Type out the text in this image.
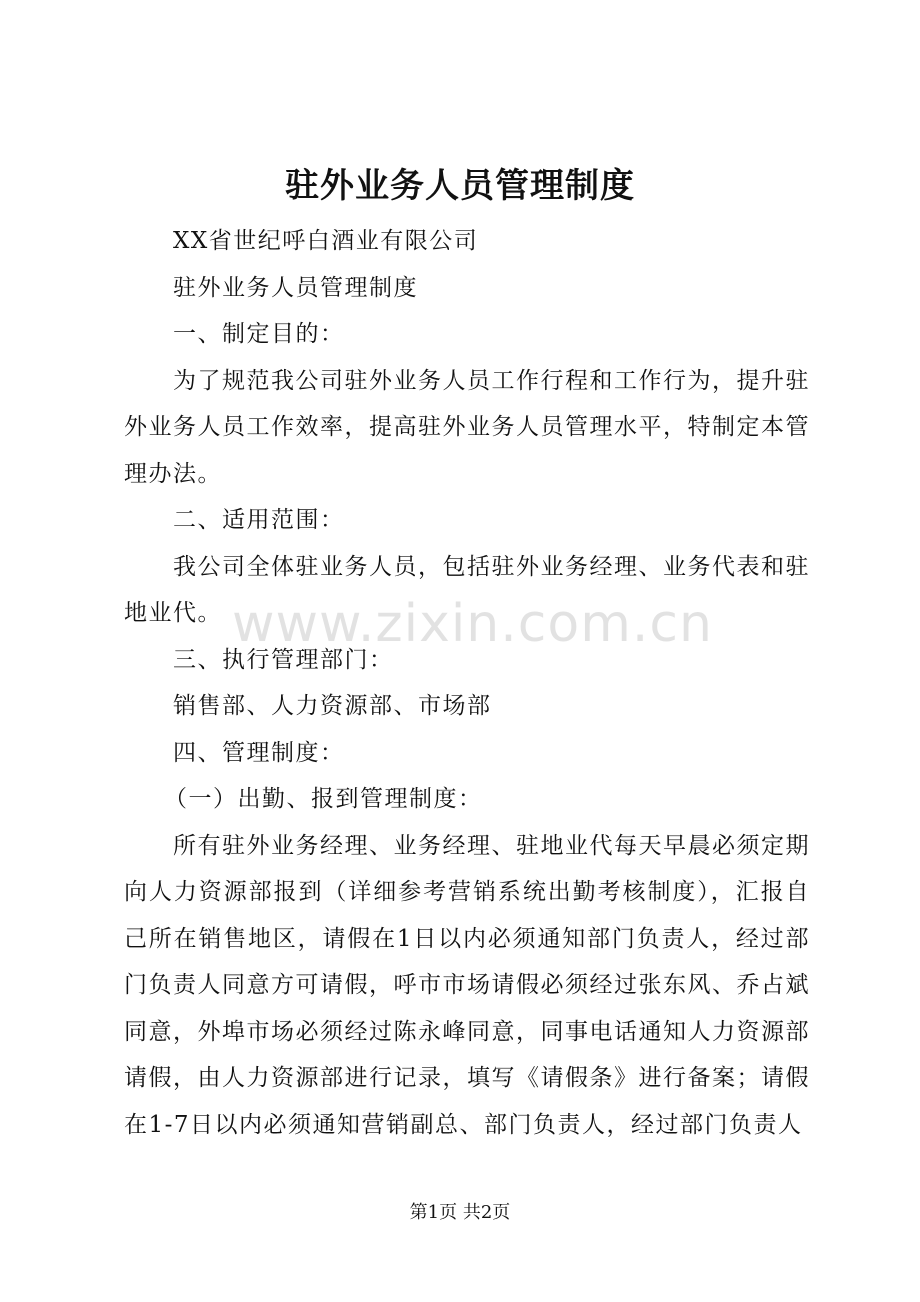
驻外业务人员管理制度

XX省世纪呼白酒业有限公司

驻外业务人员管理制度

一、制定目的：

为了规范我公司驻外业务人员工作行程和工作行为，提升驻外业务人员工作效率，提高驻外业务人员管理水平，特制定本管理办法。

二、适用范围：

我公司全体驻业务人员，包括驻外业务经理、业务代表和驻地业代。

三、执行管理部门：

销售部、人力资源部、市场部

四、管理制度：

（一）出勤、报到管理制度：

所有驻外业务经理、业务经理、驻地业代每天早晨必须定期向人力资源部报到（详细参考营销系统出勤考核制度），汇报自己所在销售地区，请假在1日以内必须通知部门负责人，经过部门负责人同意方可请假，呼市市场请假必须经过张东风、乔占斌同意，外埠市场必须经过陈永峰同意，同事电话通知人力资源部请假，由人力资源部进行记录，填写《请假条》进行备案；请假在1-7日以内必须通知营销副总、部门负责人，经过部门负责人

www.zixin.com.cn
第1页 共2页
